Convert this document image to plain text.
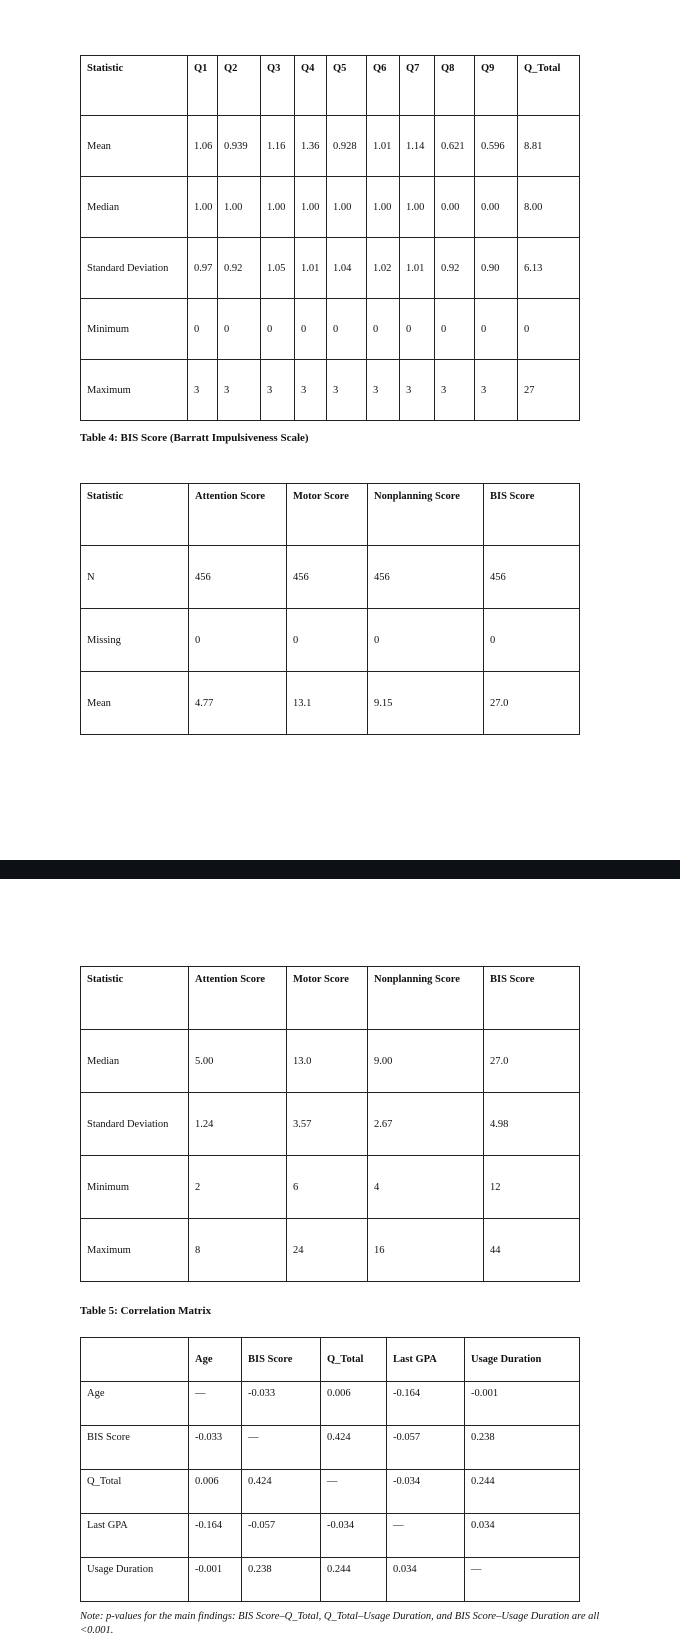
Statistic	Q1	Q2	Q3	Q4	Q5	Q6	Q7	Q8	Q9	Q_Total
Mean	1.06	0.939	1.16	1.36	0.928	1.01	1.14	0.621	0.596	8.81
Median	1.00	1.00	1.00	1.00	1.00	1.00	1.00	0.00	0.00	8.00
Standard Deviation	0.97	0.92	1.05	1.01	1.04	1.02	1.01	0.92	0.90	6.13
Minimum	0	0	0	0	0	0	0	0	0	0
Maximum	3	3	3	3	3	3	3	3	3	27
Table 4: BIS Score (Barratt Impulsiveness Scale)
Statistic	Attention Score	Motor Score	Nonplanning Score	BIS Score
N	456	456	456	456
Missing	0	0	0	0
Mean	4.77	13.1	9.15	27.0
Statistic	Attention Score	Motor Score	Nonplanning Score	BIS Score
Median	5.00	13.0	9.00	27.0
Standard Deviation	1.24	3.57	2.67	4.98
Minimum	2	6	4	12
Maximum	8	24	16	44
Table 5: Correlation Matrix
	Age	BIS Score	Q_Total	Last GPA	Usage Duration
Age	—	-0.033	0.006	-0.164	-0.001
BIS Score	-0.033	—	0.424	-0.057	0.238
Q_Total	0.006	0.424	—	-0.034	0.244
Last GPA	-0.164	-0.057	-0.034	—	0.034
Usage Duration	-0.001	0.238	0.244	0.034	—
Note: p-values for the main findings: BIS Score–Q_Total, Q_Total–Usage Duration, and BIS Score–Usage Duration are all <0.001.
